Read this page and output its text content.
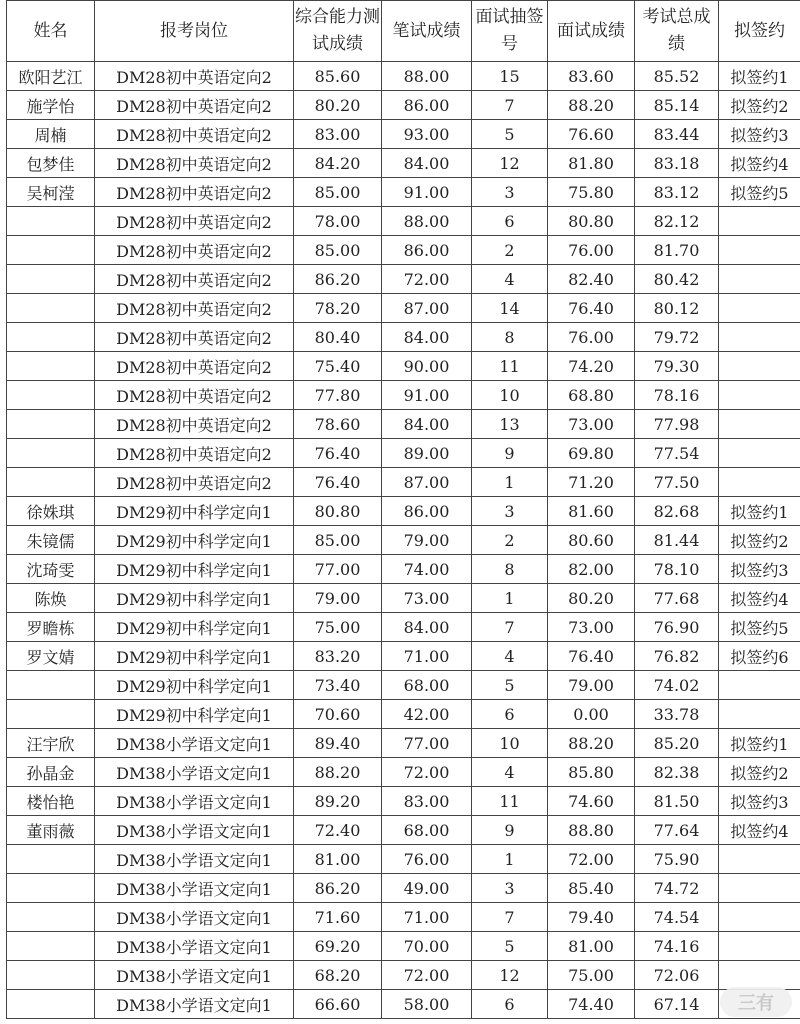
姓名	报考岗位	综合能力测试成绩	笔试成绩	面试抽签号	面试成绩	考试总成绩	拟签约
欧阳艺江	DM28初中英语定向2	85.60	88.00	15	83.60	85.52	拟签约1
施学怡	DM28初中英语定向2	80.20	86.00	7	88.20	85.14	拟签约2
周楠	DM28初中英语定向2	83.00	93.00	5	76.60	83.44	拟签约3
包梦佳	DM28初中英语定向2	84.20	84.00	12	81.80	83.18	拟签约4
吴柯滢	DM28初中英语定向2	85.00	91.00	3	75.80	83.12	拟签约5
	DM28初中英语定向2	78.00	88.00	6	80.80	82.12	
	DM28初中英语定向2	85.00	86.00	2	76.00	81.70	
	DM28初中英语定向2	86.20	72.00	4	82.40	80.42	
	DM28初中英语定向2	78.20	87.00	14	76.40	80.12	
	DM28初中英语定向2	80.40	84.00	8	76.00	79.72	
	DM28初中英语定向2	75.40	90.00	11	74.20	79.30	
	DM28初中英语定向2	77.80	91.00	10	68.80	78.16	
	DM28初中英语定向2	78.60	84.00	13	73.00	77.98	
	DM28初中英语定向2	76.40	89.00	9	69.80	77.54	
	DM28初中英语定向2	76.40	87.00	1	71.20	77.50	
徐姝琪	DM29初中科学定向1	80.80	86.00	3	81.60	82.68	拟签约1
朱镜儒	DM29初中科学定向1	85.00	79.00	2	80.60	81.44	拟签约2
沈琦雯	DM29初中科学定向1	77.00	74.00	8	82.00	78.10	拟签约3
陈焕	DM29初中科学定向1	79.00	73.00	1	80.20	77.68	拟签约4
罗瞻栋	DM29初中科学定向1	75.00	84.00	7	73.00	76.90	拟签约5
罗文婧	DM29初中科学定向1	83.20	71.00	4	76.40	76.82	拟签约6
	DM29初中科学定向1	73.40	68.00	5	79.00	74.02	
	DM29初中科学定向1	70.60	42.00	6	0.00	33.78	
汪宇欣	DM38小学语文定向1	89.40	77.00	10	88.20	85.20	拟签约1
孙晶金	DM38小学语文定向1	88.20	72.00	4	85.80	82.38	拟签约2
楼怡艳	DM38小学语文定向1	89.20	83.00	11	74.60	81.50	拟签约3
董雨薇	DM38小学语文定向1	72.40	68.00	9	88.80	77.64	拟签约4
	DM38小学语文定向1	81.00	76.00	1	72.00	75.90	
	DM38小学语文定向1	86.20	49.00	3	85.40	74.72	
	DM38小学语文定向1	71.60	71.00	7	79.40	74.54	
	DM38小学语文定向1	69.20	70.00	5	81.00	74.16	
	DM38小学语文定向1	68.20	72.00	12	75.00	72.06	
	DM38小学语文定向1	66.60	58.00	6	74.40	67.14		三有
